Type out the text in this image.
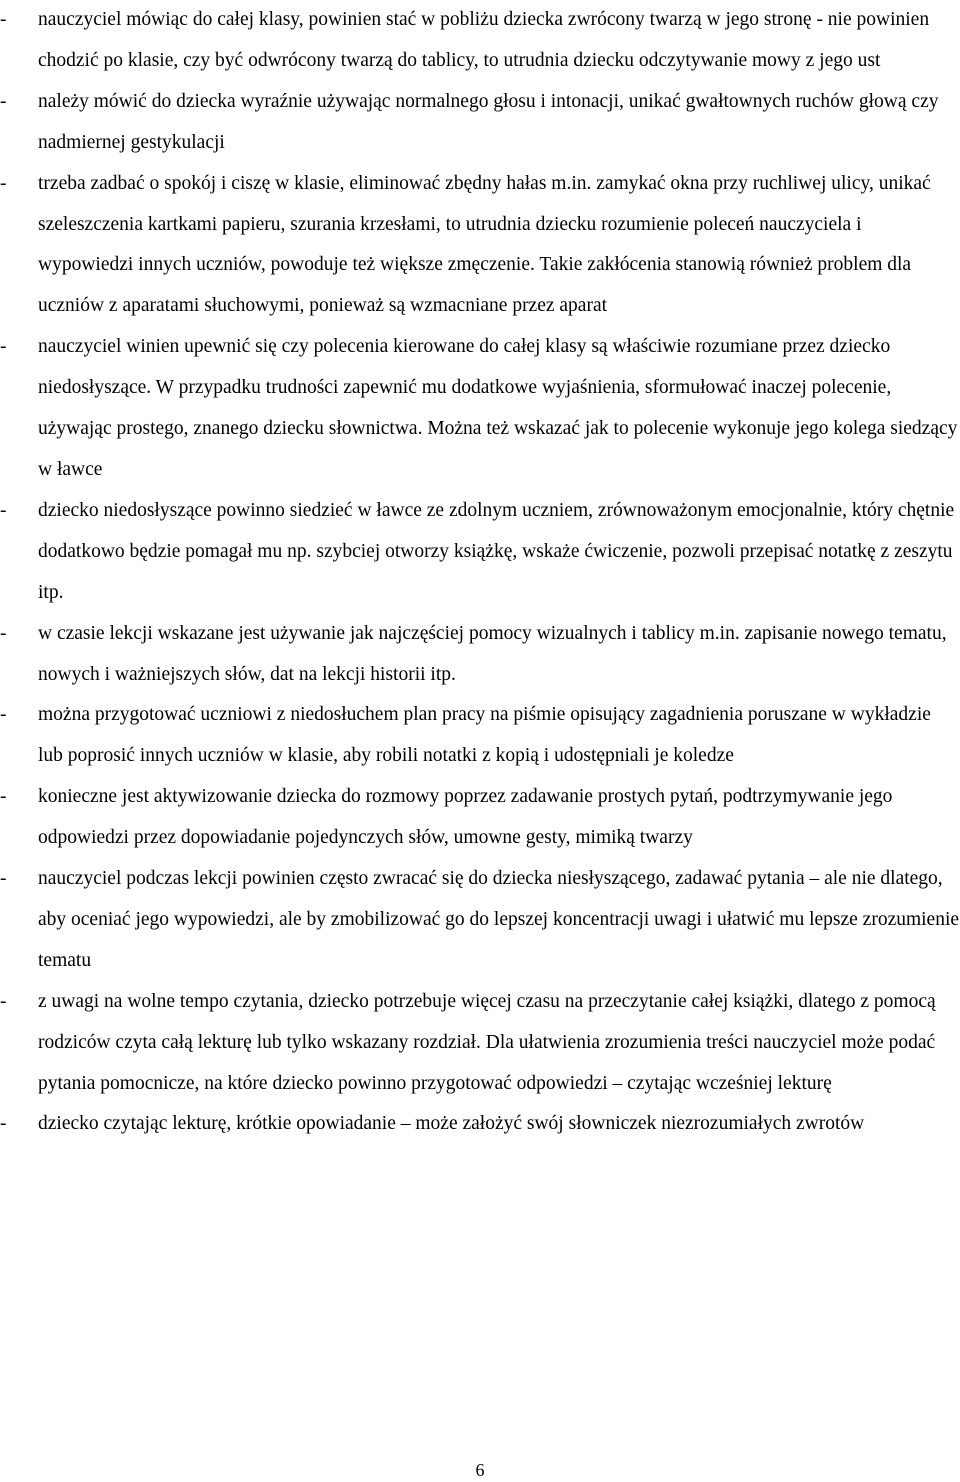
-	nauczyciel mówiąc do całej klasy, powinien stać w pobliżu dziecka zwrócony twarzą w jego stronę - nie powinien chodzić po klasie, czy być odwrócony twarzą do tablicy, to utrudnia dziecku odczytywanie mowy z jego ust
-	należy mówić do dziecka wyraźnie używając normalnego głosu i intonacji, unikać gwałtownych ruchów głową czy nadmiernej gestykulacji
-	trzeba zadbać o spokój i ciszę w klasie, eliminować zbędny hałas m.in. zamykać okna przy ruchliwej ulicy, unikać szeleszczenia kartkami papieru, szurania krzesłami, to utrudnia dziecku rozumienie poleceń nauczyciela i wypowiedzi innych uczniów, powoduje też większe zmęczenie. Takie zakłócenia stanowią również problem dla uczniów z aparatami słuchowymi, ponieważ są wzmacniane przez aparat
-	nauczyciel winien upewnić się czy polecenia kierowane do całej klasy są właściwie rozumiane przez dziecko niedosłyszące. W przypadku trudności zapewnić mu dodatkowe wyjaśnienia, sformułować inaczej polecenie, używając prostego, znanego dziecku słownictwa. Można też wskazać jak to polecenie wykonuje jego kolega siedzący w ławce
-	dziecko niedosłyszące powinno siedzieć w ławce ze zdolnym uczniem, zrównoważonym emocjonalnie, który chętnie dodatkowo będzie pomagał mu np. szybciej otworzy książkę, wskaże ćwiczenie, pozwoli przepisać notatkę z zeszytu itp.
-	w czasie lekcji wskazane jest używanie jak najczęściej pomocy wizualnych i tablicy m.in. zapisanie nowego tematu, nowych i ważniejszych słów, dat na lekcji historii itp.
-	można przygotować uczniowi z niedosłuchem plan pracy na piśmie opisujący zagadnienia poruszane w wykładzie lub poprosić innych uczniów w klasie, aby robili notatki z kopią i udostępniali je koledze
-	konieczne jest aktywizowanie dziecka do rozmowy poprzez zadawanie prostych pytań, podtrzymywanie jego odpowiedzi przez dopowiadanie pojedynczych słów, umowne gesty, mimiką twarzy
-	nauczyciel podczas lekcji powinien często zwracać się do dziecka niesłyszącego, zadawać pytania – ale nie dlatego, aby oceniać jego wypowiedzi, ale by zmobilizować go do lepszej koncentracji uwagi i ułatwić mu lepsze zrozumienie tematu
-	z uwagi na wolne tempo czytania, dziecko potrzebuje więcej czasu na przeczytanie całej książki, dlatego z pomocą rodziców czyta całą lekturę lub tylko wskazany rozdział. Dla ułatwienia zrozumienia treści nauczyciel może podać pytania pomocnicze, na które dziecko powinno przygotować odpowiedzi – czytając wcześniej lekturę
-	dziecko czytając lekturę, krótkie opowiadanie – może założyć swój słowniczek niezrozumiałych zwrotów
6
